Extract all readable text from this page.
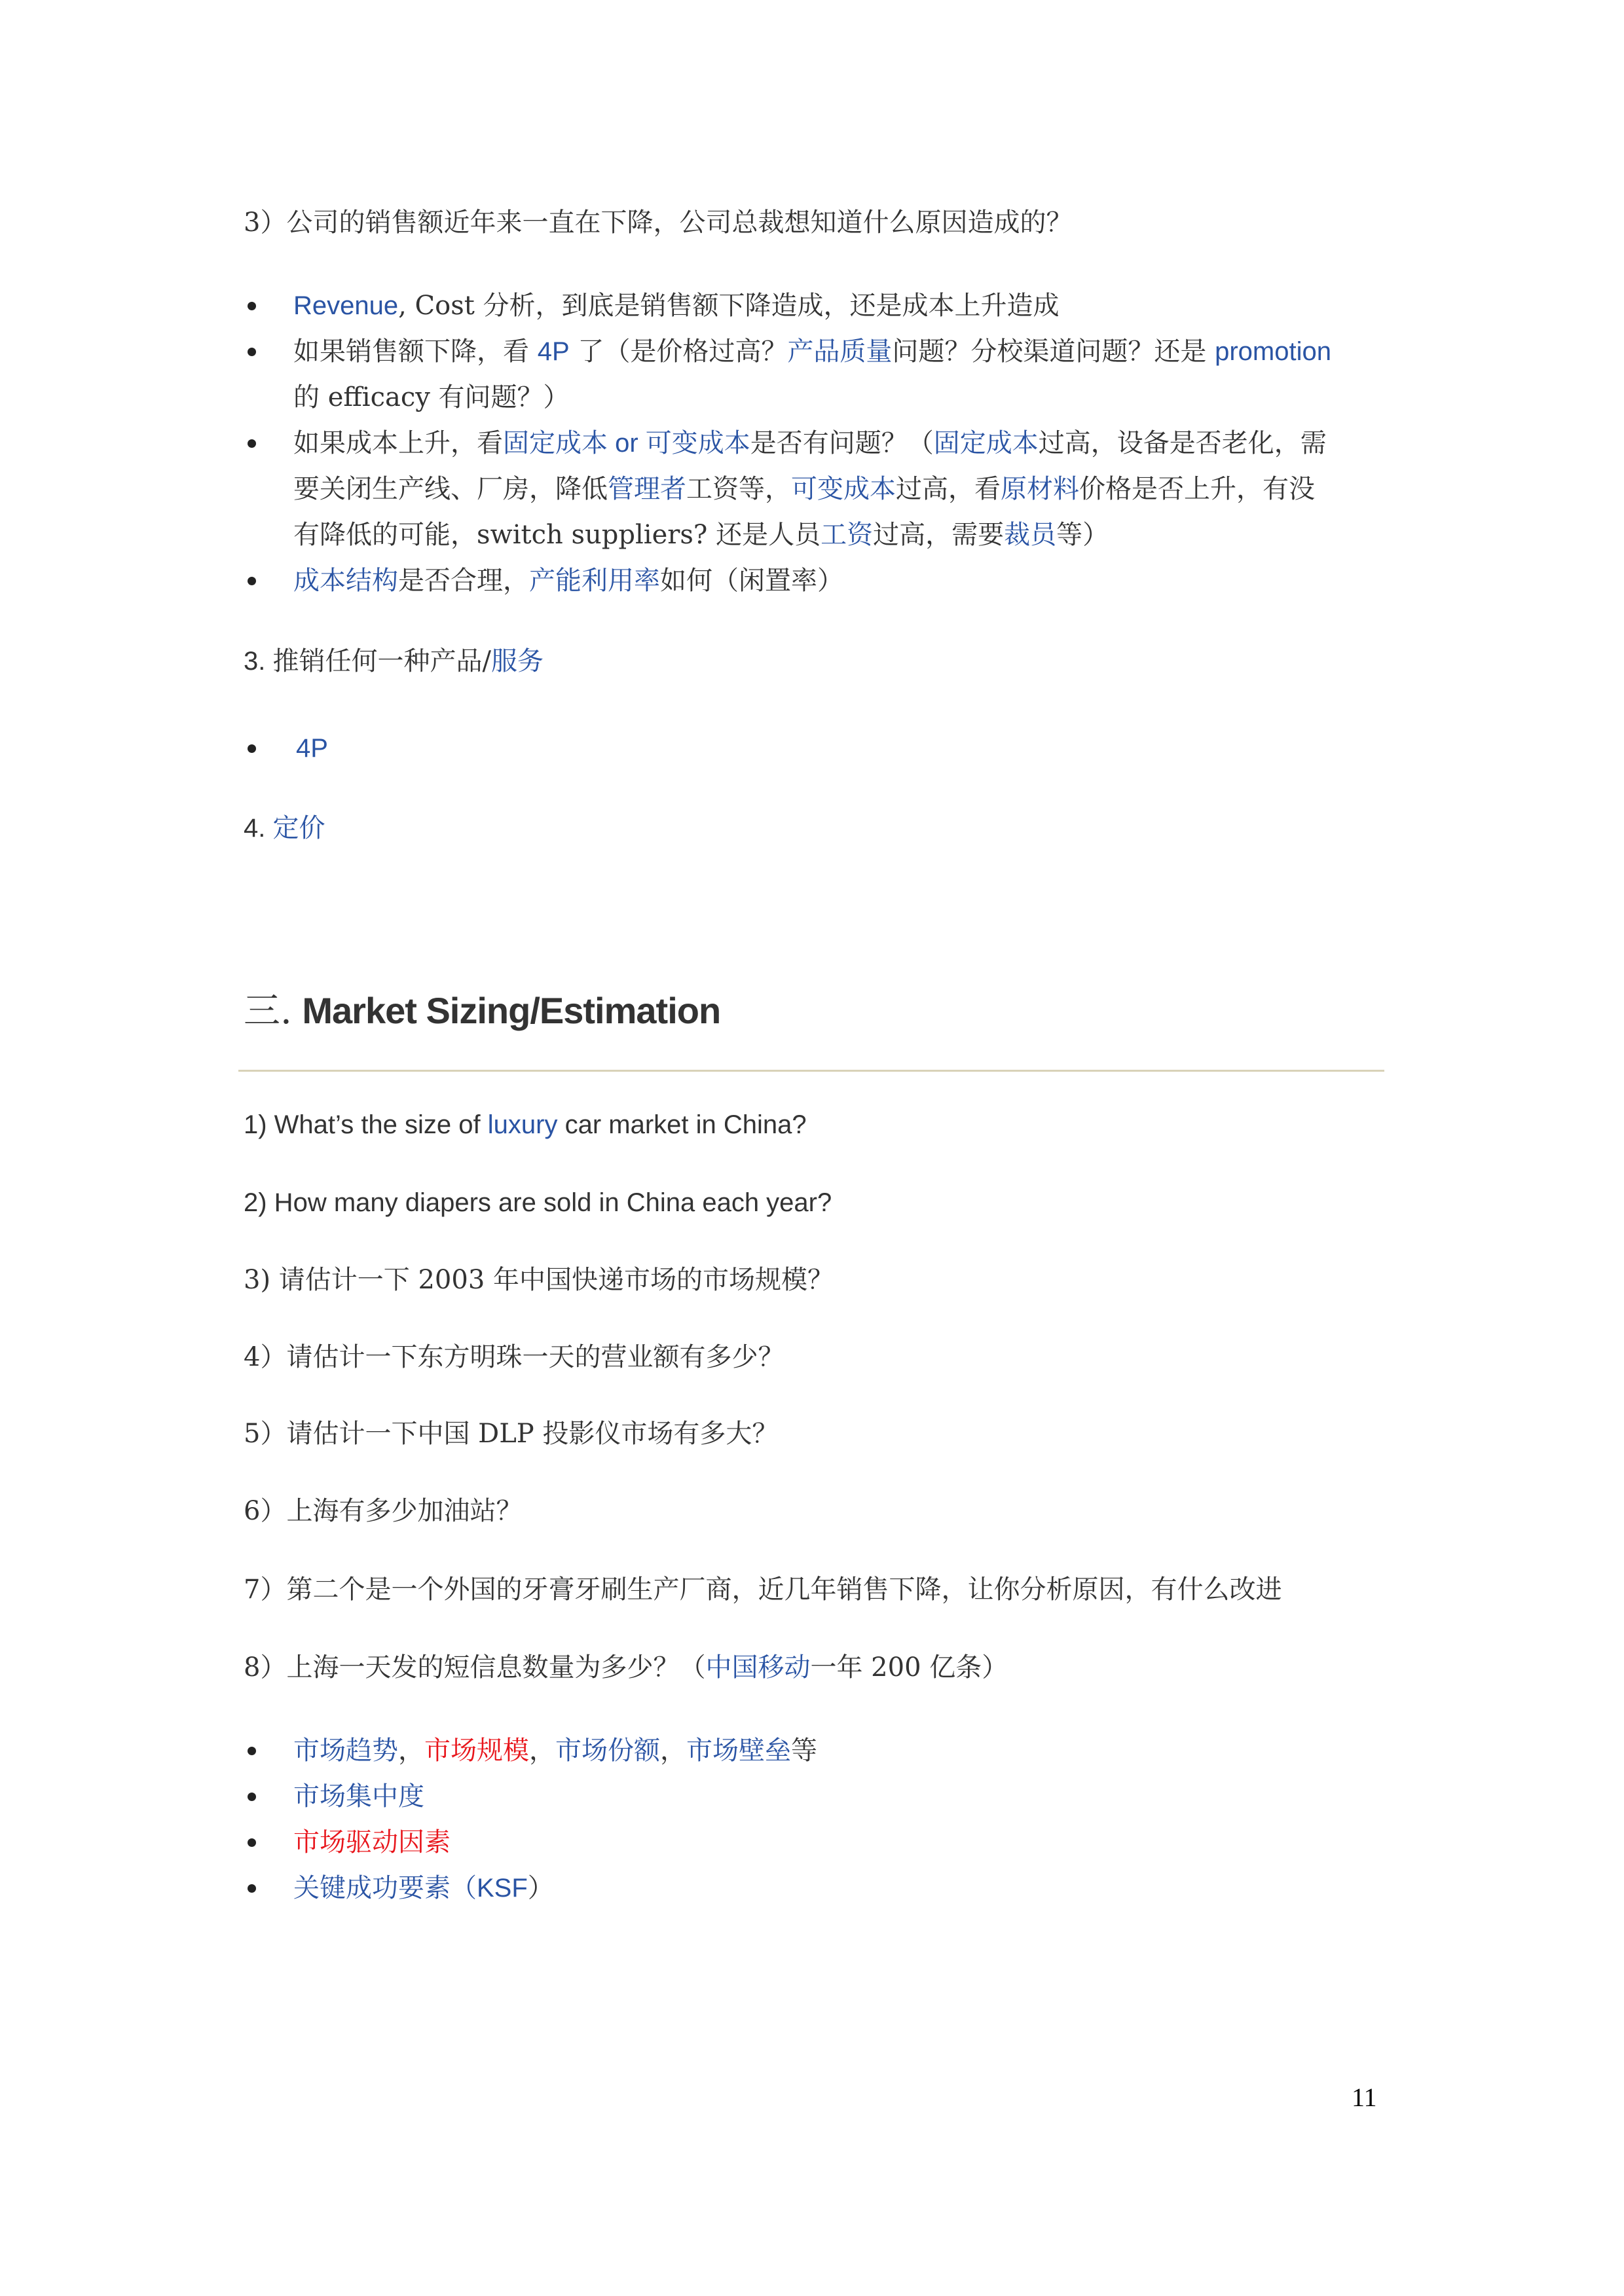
3）公司的销售额近年来一直在下降，公司总裁想知道什么原因造成的？
Revenue, Cost 分析，到底是销售额下降造成，还是成本上升造成
如果销售额下降，看 4P 了（是价格过高？产品质量问题？分校渠道问题？还是 promotion
的 efficacy 有问题？）
如果成本上升，看固定成本 or 可变成本是否有问题？（固定成本过高，设备是否老化，需
要关闭生产线、厂房，降低管理者工资等，可变成本过高，看原材料价格是否上升，有没
有降低的可能，switch suppliers? 还是人员工资过高，需要裁员等）
成本结构是否合理，产能利用率如何（闲置率）
3. 推销任何一种产品/服务
4P
4. 定价
三. Market Sizing/Estimation
1) What’s the size of luxury car market in China?
2) How many diapers are sold in China each year?
3) 请估计一下 2003 年中国快递市场的市场规模？
4）请估计一下东方明珠一天的营业额有多少？
5）请估计一下中国 DLP 投影仪市场有多大？
6）上海有多少加油站？
7）第二个是一个外国的牙膏牙刷生产厂商，近几年销售下降，让你分析原因，有什么改进
8）上海一天发的短信息数量为多少？（中国移动一年 200 亿条）
市场趋势，市场规模，市场份额，市场壁垒等
市场集中度
市场驱动因素
关键成功要素（KSF）
11
